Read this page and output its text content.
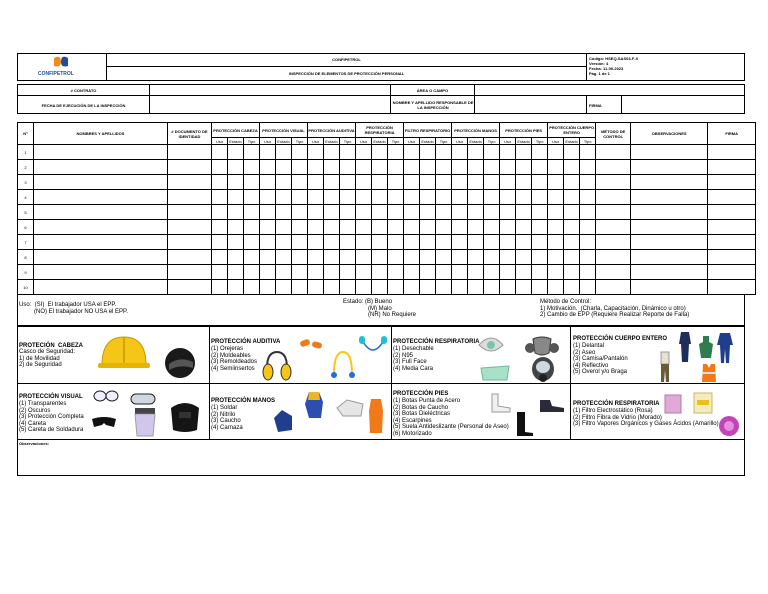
CONFIPETROL
CONFIPETROL
INSPECCIÓN DE ELEMENTOS DE PROTECCIÓN PERSONAL
Código: HSEQ-SAS03-F-X
Versión: 4
Fecha: 11-09-2023
Pág. 1 de 1
# CONTRATO
FECHA DE EJECUCIÓN DE LA INSPECCIÓN
ÁREA O CAMPO
NOMBRE Y APELLIDO RESPONSABLE DE LA INSPECCIÓN	FIRMA
N°	NOMBRES Y APELLIDOS	# DOCUMENTO DE IDENTIDAD	PROTECCIÓN CABEZA			PROTECCIÓN VISUAL			PROTECCIÓN AUDITIVA			PROTECCIÓN RESPIRATORIA			FILTRO RESPIRATORIO			PROTECCIÓN MANOS			PROTECCIÓN PIES			PROTECCIÓN CUERPO ENTERO			MÉTODO DE CONTROL	OBSERVACIONES	FIRMA
			Uso	Estado	Tipo	Uso	Estado	Tipo	Uso	Estado	Tipo	Uso	Estado	Tipo	Uso	Estado	Tipo	Uso	Estado	Tipo	Uso	Estado	Tipo	Uso	Estado	Tipo			
1																													
2																													
3																													
4																													
5																													
6																													
7																													
8																													
9																													
10																													
Uso:  (SI)  El trabajador USA el EPP.
(NO) El trabajador NO USA el EPP.
Estado: (B) Bueno
(M) Malo
(NR) No Requiere
Método de Control:
1) Motivación.  (Charla, Capacitación, Dinámico u otro)
2) Cambio de EPP (Requiere Realizar Reporte de Falla)
PROTECIÓN  CABEZA
Casco de Seguridad:
1) de Movilidad
2) de Seguridad
PROTECCIÓN AUDITIVA
(1) Orejeras
(2) Moldeables
(3) Remoldeados
(4) Semiinsertos
PROTECCIÓN RESPIRATORIA
(1) Desechable
(2) N95
(3) Full Face
(4) Media Cara
PROTECCIÓN CUERPO ENTERO
(1) Delantal
(2) Aseo
(3) Camisa/Pantalón
(4) Reflectivo
(5) Overol y/o Braga
PROTECCIÓN VISUAL
(1) Transparentes
(2) Oscuros
(3) Protección Completa
(4) Careta
(5) Careta de Soldadura
PROTECCIÓN MANOS
(1) Soldar
(2) Nitrilo
(3) Caucho
(4) Carnaza
PROTECCIÓN PIES
(1) Botas Punta de Acero
(2) Botas de Caucho
(3) Botas Dieléctricas
(4) Escarpines
(5) Suela Antideslizante (Personal de Aseo)
(6) Motorizado
PROTECCIÓN RESPIRATORIA
(1) Filtro Electrostático (Rosa)
(2) Filtro Fibra de Vidrio (Morado)
(3) Filtro Vapores Orgánicos y Gases Ácidos (Amarillo)
Observaciones:
